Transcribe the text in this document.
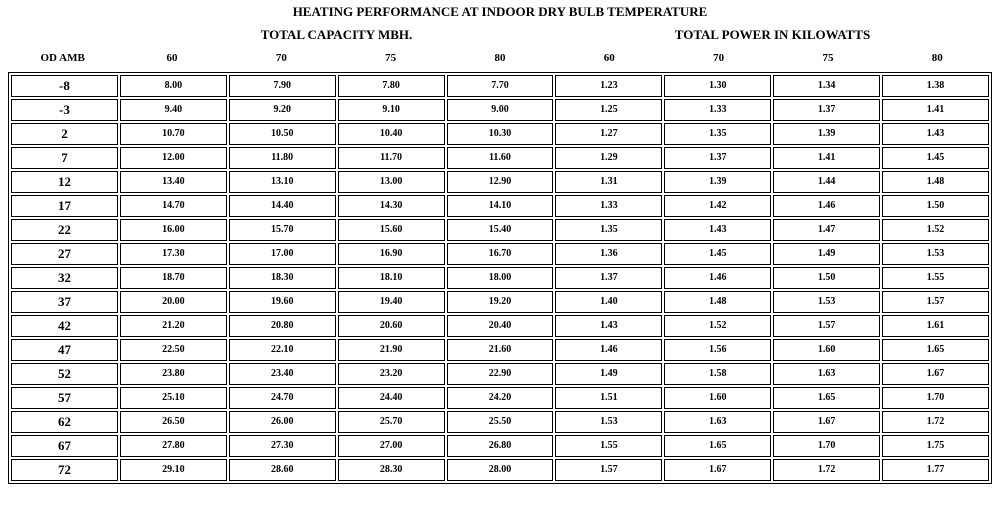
HEATING PERFORMANCE AT INDOOR DRY BULB TEMPERATURE
TOTAL CAPACITY MBH.	TOTAL POWER IN KILOWATTS
OD AMB	60	70	75	80	60	70	75	80
-8	8.00	7.90	7.80	7.70	1.23	1.30	1.34	1.38
-3	9.40	9.20	9.10	9.00	1.25	1.33	1.37	1.41
2	10.70	10.50	10.40	10.30	1.27	1.35	1.39	1.43
7	12.00	11.80	11.70	11.60	1.29	1.37	1.41	1.45
12	13.40	13.10	13.00	12.90	1.31	1.39	1.44	1.48
17	14.70	14.40	14.30	14.10	1.33	1.42	1.46	1.50
22	16.00	15.70	15.60	15.40	1.35	1.43	1.47	1.52
27	17.30	17.00	16.90	16.70	1.36	1.45	1.49	1.53
32	18.70	18.30	18.10	18.00	1.37	1.46	1.50	1.55
37	20.00	19.60	19.40	19.20	1.40	1.48	1.53	1.57
42	21.20	20.80	20.60	20.40	1.43	1.52	1.57	1.61
47	22.50	22.10	21.90	21.60	1.46	1.56	1.60	1.65
52	23.80	23.40	23.20	22.90	1.49	1.58	1.63	1.67
57	25.10	24.70	24.40	24.20	1.51	1.60	1.65	1.70
62	26.50	26.00	25.70	25.50	1.53	1.63	1.67	1.72
67	27.80	27.30	27.00	26.80	1.55	1.65	1.70	1.75
72	29.10	28.60	28.30	28.00	1.57	1.67	1.72	1.77
